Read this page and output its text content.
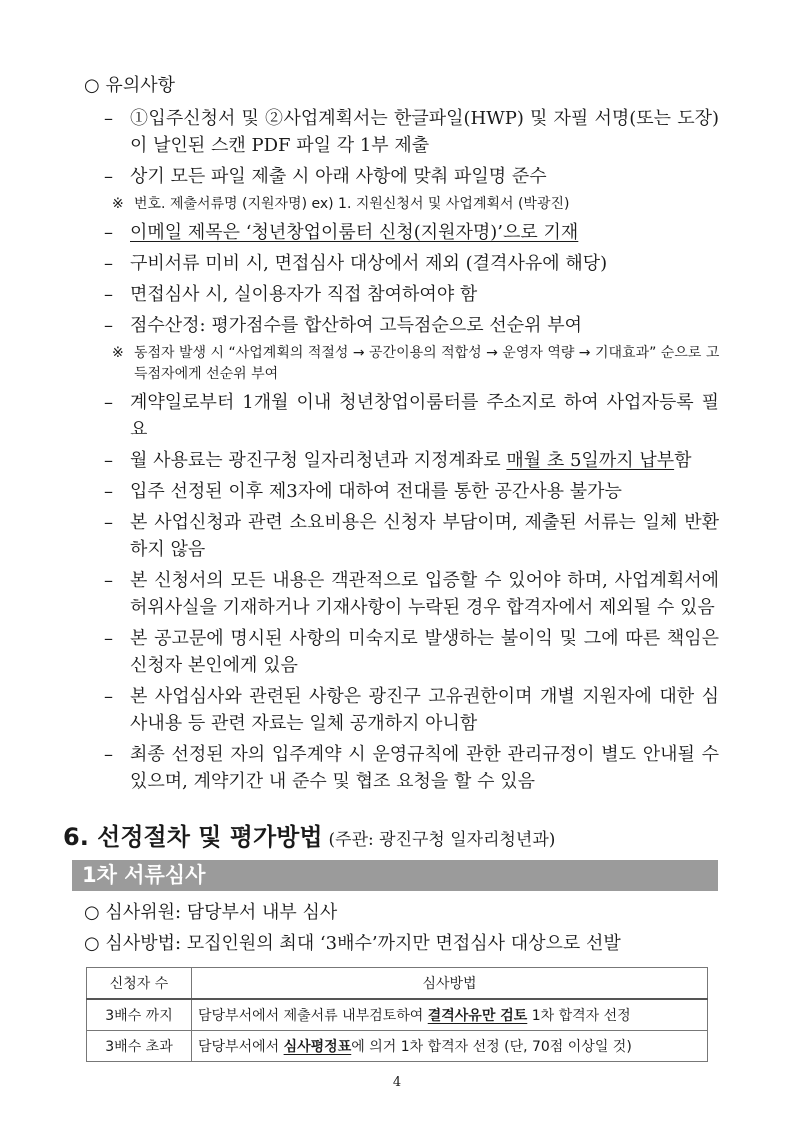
○ 유의사항
– ①입주신청서 및 ②사업계획서는 한글파일(HWP) 및 자필 서명(또는 도장)이 날인된 스캔 PDF 파일 각 1부 제출
– 상기 모든 파일 제출 시 아래 사항에 맞춰 파일명 준수
※ 번호. 제출서류명 (지원자명) ex) 1. 지원신청서 및 사업계획서 (박광진)
– 이메일 제목은 ‘청년창업이룸터 신청(지원자명)’으로 기재
– 구비서류 미비 시, 면접심사 대상에서 제외 (결격사유에 해당)
– 면접심사 시, 실이용자가 직접 참여하여야 함
– 점수산정: 평가점수를 합산하여 고득점순으로 선순위 부여
※ 동점자 발생 시 “사업계획의 적절성 → 공간이용의 적합성 → 운영자 역량 → 기대효과” 순으로 고득점자에게 선순위 부여
– 계약일로부터 1개월 이내 청년창업이룸터를 주소지로 하여 사업자등록 필요
– 월 사용료는 광진구청 일자리청년과 지정계좌로 매월 초 5일까지 납부함
– 입주 선정된 이후 제3자에 대하여 전대를 통한 공간사용 불가능
– 본 사업신청과 관련 소요비용은 신청자 부담이며, 제출된 서류는 일체 반환하지 않음
– 본 신청서의 모든 내용은 객관적으로 입증할 수 있어야 하며, 사업계획서에 허위사실을 기재하거나 기재사항이 누락된 경우 합격자에서 제외될 수 있음
– 본 공고문에 명시된 사항의 미숙지로 발생하는 불이익 및 그에 따른 책임은 신청자 본인에게 있음
– 본 사업심사와 관련된 사항은 광진구 고유권한이며 개별 지원자에 대한 심사내용 등 관련 자료는 일체 공개하지 아니함
– 최종 선정된 자의 입주계약 시 운영규칙에 관한 관리규정이 별도 안내될 수 있으며, 계약기간 내 준수 및 협조 요청을 할 수 있음
6. 선정절차 및 평가방법 (주관: 광진구청 일자리청년과)
1차 서류심사
○ 심사위원: 담당부서 내부 심사
○ 심사방법: 모집인원의 최대 ‘3배수’까지만 면접심사 대상으로 선발
신청자 수	심사방법
3배수 까지	담당부서에서 제출서류 내부검토하여 결격사유만 검토 1차 합격자 선정
3배수 초과	담당부서에서 심사평정표에 의거 1차 합격자 선정 (단, 70점 이상일 것)
4
